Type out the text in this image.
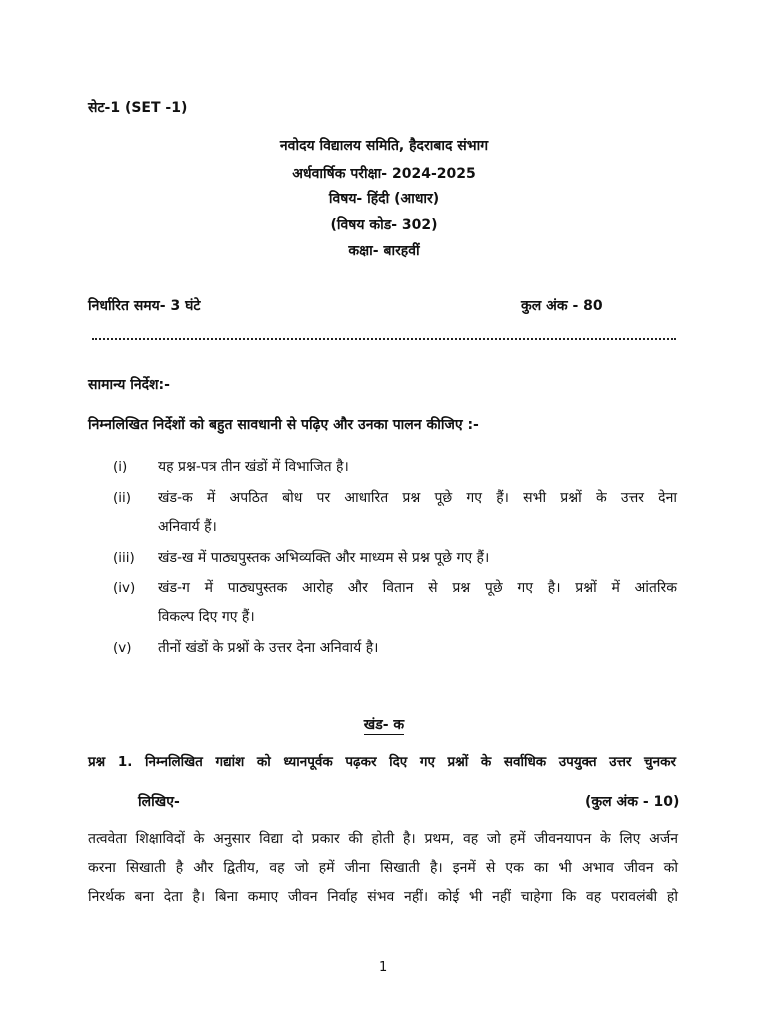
सेट-1 (SET -1)
नवोदय विद्यालय समिति, हैदराबाद संभाग
अर्धवार्षिक परीक्षा- 2024-2025
विषय- हिंदी (आधार)
(विषय कोड- 302)
कक्षा- बारहवीं
निर्धारित समय- 3 घंटे	कुल अंक - 80
सामान्य निर्देश:-
निम्नलिखित निर्देशों को बहुत सावधानी से पढ़िए और उनका पालन कीजिए :-
(i) यह प्रश्न-पत्र तीन खंडों में विभाजित है।
(ii) खंड-क में अपठित बोध पर आधारित प्रश्न पूछे गए हैं। सभी प्रश्नों के उत्तर देना
अनिवार्य हैं।
(iii) खंड-ख में पाठ्यपुस्तक अभिव्यक्ति और माध्यम से प्रश्न पूछे गए हैं।
(iv) खंड-ग में पाठ्यपुस्तक आरोह और वितान से प्रश्न पूछे गए है। प्रश्नों में आंतरिक
विकल्प दिए गए हैं।
(v) तीनों खंडों के प्रश्नों के उत्तर देना अनिवार्य है।
खंड- क
प्रश्न 1. निम्नलिखित गद्यांश को ध्यानपूर्वक पढ़कर दिए गए प्रश्नों के सर्वाधिक उपयुक्त उत्तर चुनकर
लिखिए-	(कुल अंक - 10)
तत्ववेता शिक्षाविदों के अनुसार विद्या दो प्रकार की होती है। प्रथम, वह जो हमें जीवनयापन के लिए अर्जन
करना सिखाती है और द्वितीय, वह जो हमें जीना सिखाती है। इनमें से एक का भी अभाव जीवन को
निरर्थक बना देता है। बिना कमाए जीवन निर्वाह संभव नहीं। कोई भी नहीं चाहेगा कि वह परावलंबी हो
1
